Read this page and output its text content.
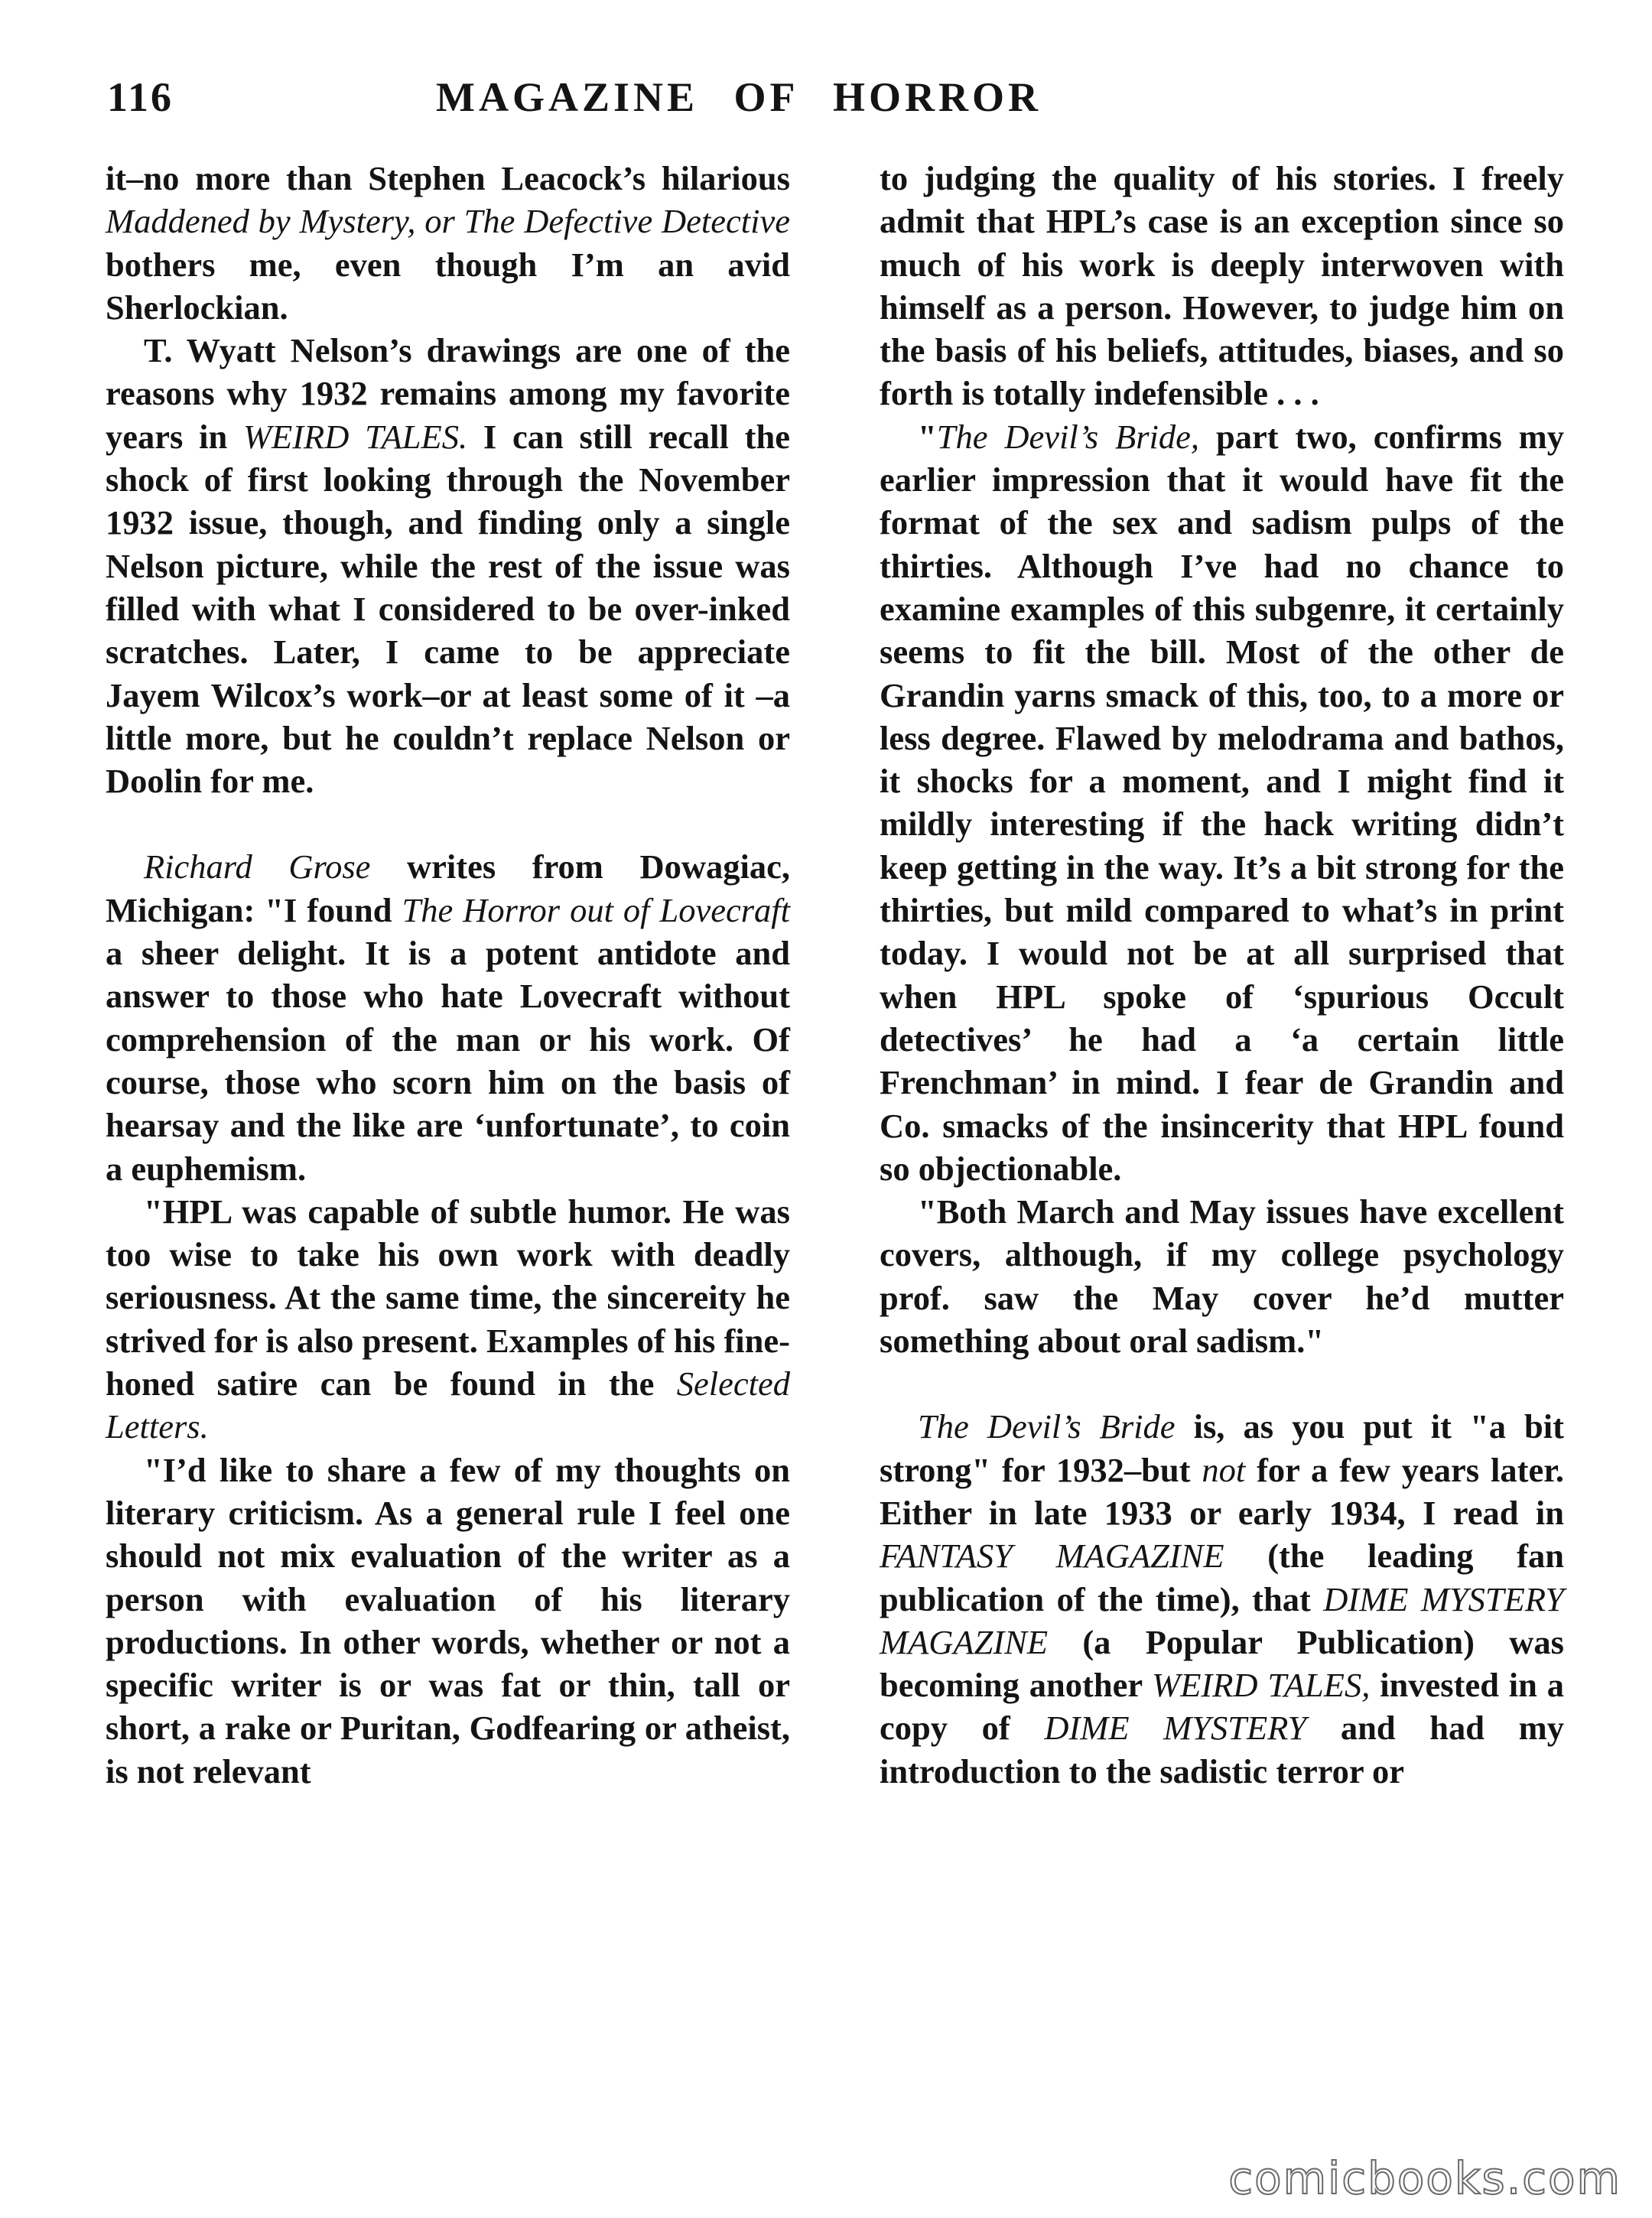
116	MAGAZINE OF HORROR

it–no more than Stephen Leacock’s hilarious Maddened by Mystery, or The Defective Detective bothers me, even though I’m an avid Sherlockian.

T. Wyatt Nelson’s drawings are one of the reasons why 1932 remains among my favorite years in WEIRD TALES. I can still recall the shock of first looking through the November 1932 issue, though, and finding only a single Nelson picture, while the rest of the issue was filled with what I considered to be over-inked scratches. Later, I came to be appreciate Jayem Wilcox’s work–or at least some of it –a little more, but he couldn’t replace Nelson or Doolin for me.

Richard Grose writes from Dowagiac, Michigan: "I found The Horror out of Lovecraft a sheer delight. It is a potent antidote and answer to those who hate Lovecraft without comprehension of the man or his work. Of course, those who scorn him on the basis of hearsay and the like are ‘unfortunate’, to coin a euphemism.

"HPL was capable of subtle humor. He was too wise to take his own work with deadly seriousness. At the same time, the sincereity he strived for is also present. Examples of his fine-honed satire can be found in the Selected Letters.

"I’d like to share a few of my thoughts on literary criticism. As a general rule I feel one should not mix evaluation of the writer as a person with evaluation of his literary productions. In other words, whether or not a specific writer is or was fat or thin, tall or short, a rake or Puritan, Godfearing or atheist, is not relevant

to judging the quality of his stories. I freely admit that HPL’s case is an exception since so much of his work is deeply interwoven with himself as a person. However, to judge him on the basis of his beliefs, attitudes, biases, and so forth is totally indefensible . . .

"The Devil’s Bride, part two, confirms my earlier impression that it would have fit the format of the sex and sadism pulps of the thirties. Although I’ve had no chance to examine examples of this subgenre, it certainly seems to fit the bill. Most of the other de Grandin yarns smack of this, too, to a more or less degree. Flawed by melodrama and bathos, it shocks for a moment, and I might find it mildly interesting if the hack writing didn’t keep getting in the way. It’s a bit strong for the thirties, but mild compared to what’s in print today. I would not be at all surprised that when HPL spoke of ‘spurious Occult detectives’ he had a ‘a certain little Frenchman’ in mind. I fear de Grandin and Co. smacks of the insincerity that HPL found so objectionable.

"Both March and May issues have excellent covers, although, if my college psychology prof. saw the May cover he’d mutter something about oral sadism."

The Devil’s Bride is, as you put it "a bit strong" for 1932–but not for a few years later. Either in late 1933 or early 1934, I read in FANTASY MAGAZINE (the leading fan publication of the time), that DIME MYSTERY MAGAZINE (a Popular Publication) was becoming another WEIRD TALES, invested in a copy of DIME MYSTERY and had my introduction to the sadistic terror or

comicbooks.com
